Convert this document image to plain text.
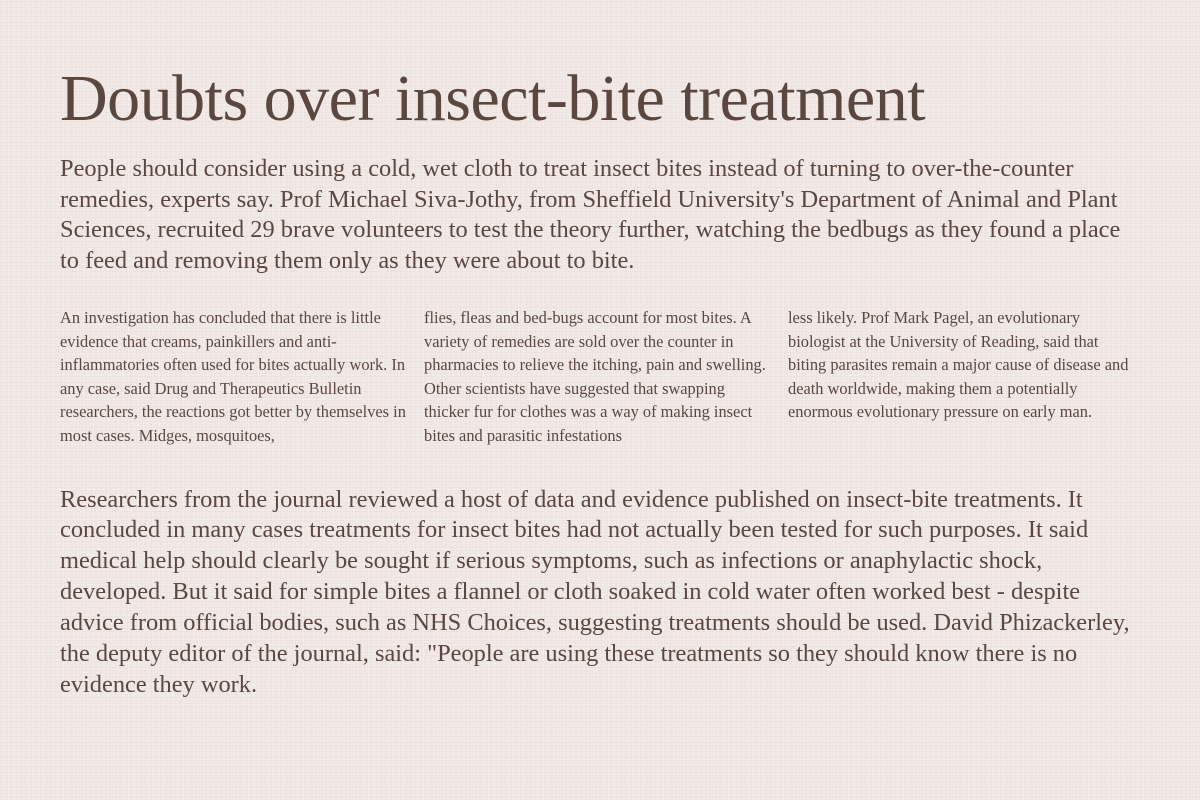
Doubts over insect-bite treatment

People should consider using a cold, wet cloth to treat insect bites instead of turning to over-the-counter remedies, experts say. Prof Michael Siva-Jothy, from Sheffield University's Department of Animal and Plant Sciences, recruited 29 brave volunteers to test the theory further, watching the bedbugs as they found a place to feed and removing them only as they were about to bite.

An investigation has concluded that there is little evidence that creams, painkillers and anti-inflammatories often used for bites actually work. In any case, said Drug and Therapeutics Bulletin researchers, the reactions got better by themselves in most cases. Midges, mosquitoes,

flies, fleas and bed-bugs account for most bites. A variety of remedies are sold over the counter in pharmacies to relieve the itching, pain and swelling. Other scientists have suggested that swapping thicker fur for clothes was a way of making insect bites and parasitic infestations

less likely. Prof Mark Pagel, an evolutionary biologist at the University of Reading, said that biting parasites remain a major cause of disease and death worldwide, making them a potentially enormous evolutionary pressure on early man.

Researchers from the journal reviewed a host of data and evidence published on insect-bite treatments. It concluded in many cases treatments for insect bites had not actually been tested for such purposes. It said medical help should clearly be sought if serious symptoms, such as infections or anaphylactic shock, developed. But it said for simple bites a flannel or cloth soaked in cold water often worked best - despite advice from official bodies, such as NHS Choices, suggesting treatments should be used. David Phizackerley, the deputy editor of the journal, said: "People are using these treatments so they should know there is no evidence they work.
